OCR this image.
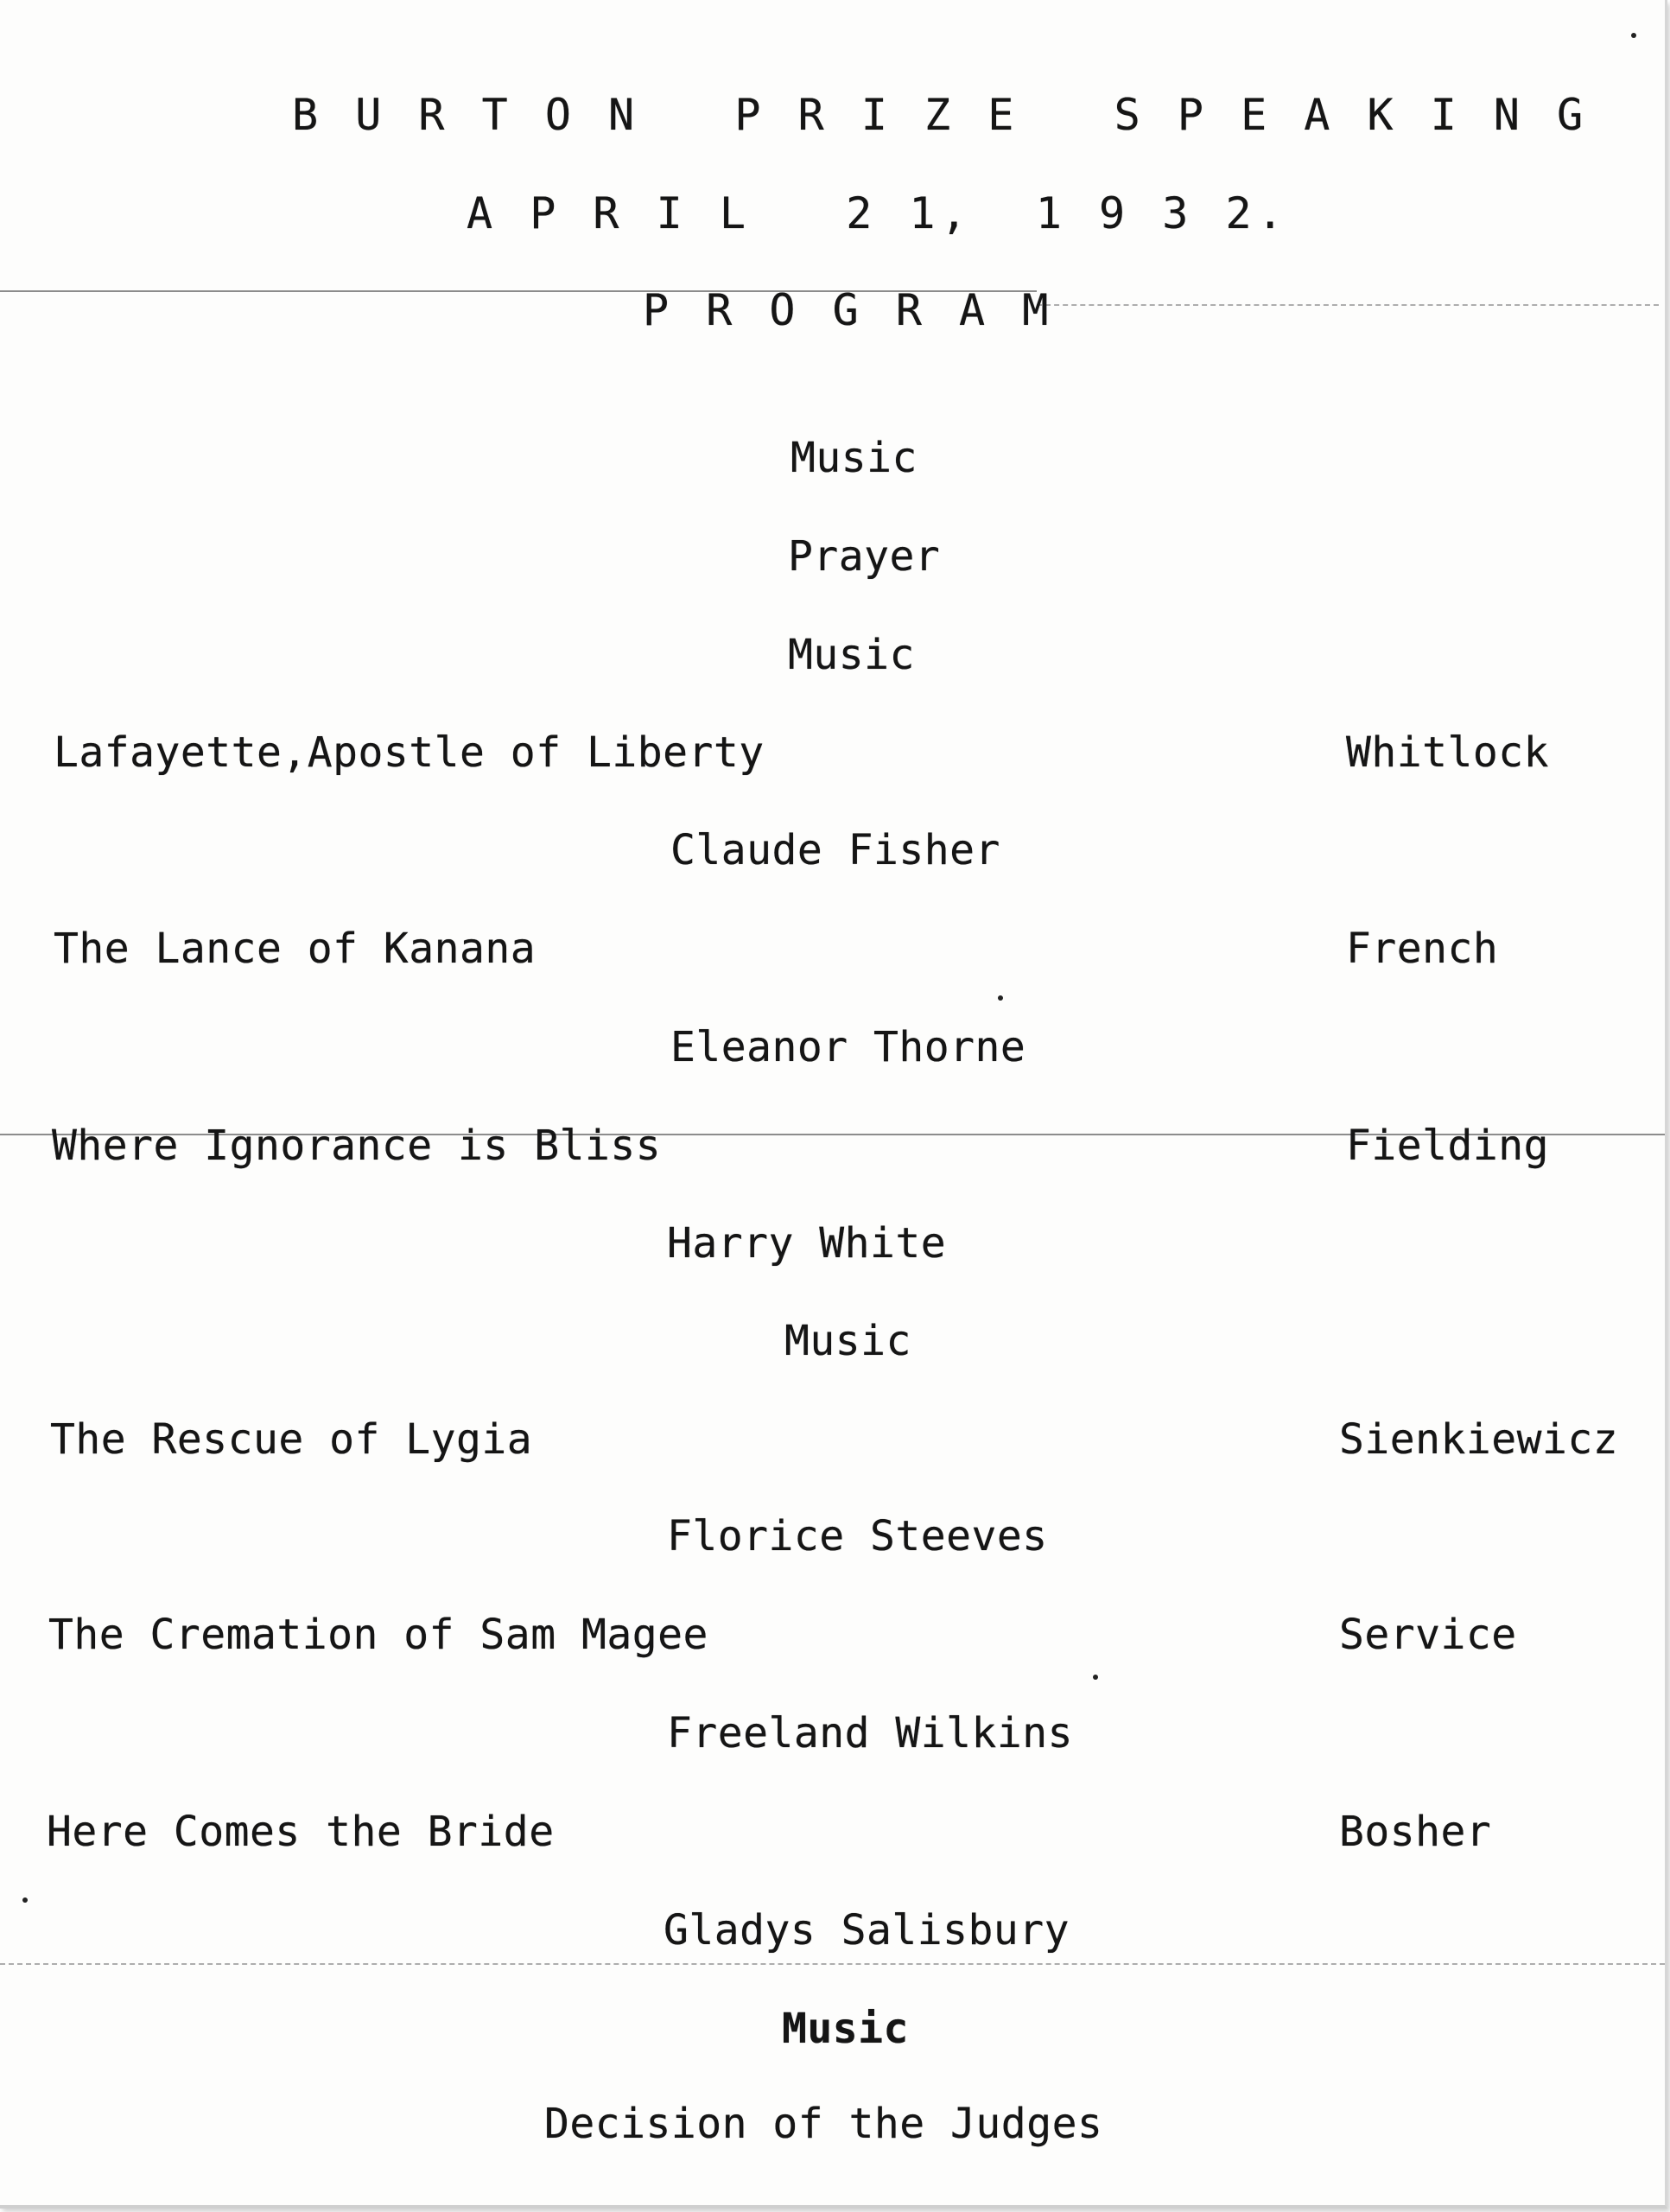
B U R T O N   P R I Z E   S P E A K I N G
A P R I L   2 1,  1 9 3 2.
P R O G R A M
Music
Prayer
Music
Lafayette,Apostle of Liberty	Whitlock
Claude Fisher
The Lance of Kanana	French
Eleanor Thorne
Where Ignorance is Bliss	Fielding
Harry White
Music
The Rescue of Lygia	Sienkiewicz
Florice Steeves
The Cremation of Sam Magee	Service
Freeland Wilkins
Here Comes the Bride	Bosher
Gladys Salisbury
Music
Decision of the Judges
